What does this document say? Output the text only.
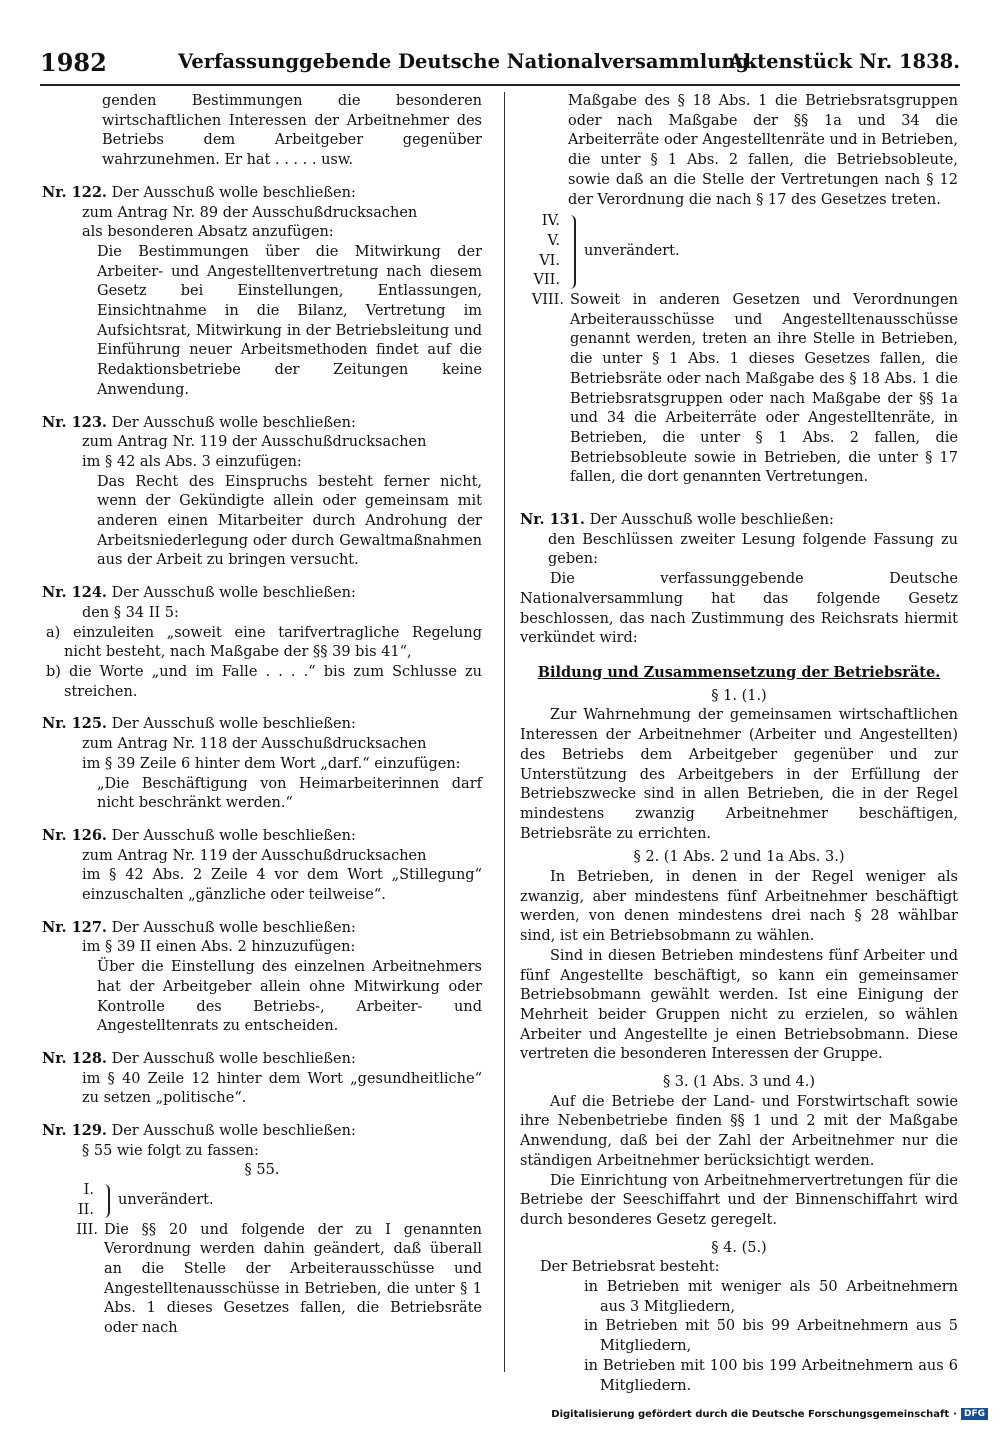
1982	Verfassunggebende Deutsche Nationalversammlung.
Aktenstück Nr. 1838.

genden Bestimmungen die besonderen wirtschaftlichen Interessen der Arbeitnehmer des Betriebs dem Arbeitgeber gegenüber wahrzunehmen. Er hat . . . . . usw.

Nr. 122. Der Ausschuß wolle beschließen:

zum Antrag Nr. 89 der Ausschußdrucksachen

als besonderen Absatz anzufügen:

Die Bestimmungen über die Mitwirkung der Arbeiter- und Angestelltenvertretung nach diesem Gesetz bei Einstellungen, Entlassungen, Einsichtnahme in die Bilanz, Vertretung im Aufsichtsrat, Mitwirkung in der Betriebsleitung und Einführung neuer Arbeitsmethoden findet auf die Redaktionsbetriebe der Zeitungen keine Anwendung.

Nr. 123. Der Ausschuß wolle beschließen:

zum Antrag Nr. 119 der Ausschußdrucksachen

im § 42 als Abs. 3 einzufügen:

Das Recht des Einspruchs besteht ferner nicht, wenn der Gekündigte allein oder gemeinsam mit anderen einen Mitarbeiter durch Androhung der Arbeitsniederlegung oder durch Gewaltmaßnahmen aus der Arbeit zu bringen versucht.

Nr. 124. Der Ausschuß wolle beschließen:

den § 34 II 5:

a) einzuleiten „soweit eine tarifvertragliche Regelung nicht besteht, nach Maßgabe der §§ 39 bis 41“,

b) die Worte „und im Falle . . . .“ bis zum Schlusse zu streichen.

Nr. 125. Der Ausschuß wolle beschließen:

zum Antrag Nr. 118 der Ausschußdrucksachen

im § 39 Zeile 6 hinter dem Wort „darf.“ einzufügen:

„Die Beschäftigung von Heimarbeiterinnen darf nicht beschränkt werden.“

Nr. 126. Der Ausschuß wolle beschließen:

zum Antrag Nr. 119 der Ausschußdrucksachen

im § 42 Abs. 2 Zeile 4 vor dem Wort „Stillegung“ einzuschalten „gänzliche oder teilweise“.

Nr. 127. Der Ausschuß wolle beschließen:

im § 39 II einen Abs. 2 hinzuzufügen:

Über die Einstellung des einzelnen Arbeitnehmers hat der Arbeitgeber allein ohne Mitwirkung oder Kontrolle des Betriebs-, Arbeiter- und Angestelltenrats zu entscheiden.

Nr. 128. Der Ausschuß wolle beschließen:

im § 40 Zeile 12 hinter dem Wort „gesundheitliche“ zu setzen „politische“.

Nr. 129. Der Ausschuß wolle beschließen:

§ 55 wie folgt zu fassen:

§ 55.

I.
II.
unverändert.
III. Die §§ 20 und folgende der zu I genannten Verordnung werden dahin geändert, daß überall an die Stelle der Arbeiterausschüsse und Angestelltenausschüsse in Betrieben, die unter § 1 Abs. 1 dieses Gesetzes fallen, die Betriebsräte oder nach

Maßgabe des § 18 Abs. 1 die Betriebsratsgruppen oder nach Maßgabe der §§ 1a und 34 die Arbeiterräte oder Angestelltenräte und in Betrieben, die unter § 1 Abs. 2 fallen, die Betriebsobleute, sowie daß an die Stelle der Vertretungen nach § 12 der Verordnung die nach § 17 des Gesetzes treten.

IV.
V.
VI.
VII.
unverändert.
VIII. Soweit in anderen Gesetzen und Verordnungen Arbeiterausschüsse und Angestelltenausschüsse genannt werden, treten an ihre Stelle in Betrieben, die unter § 1 Abs. 1 dieses Gesetzes fallen, die Betriebsräte oder nach Maßgabe des § 18 Abs. 1 die Betriebsratsgruppen oder nach Maßgabe der §§ 1a und 34 die Arbeiterräte oder Angestelltenräte, in Betrieben, die unter § 1 Abs. 2 fallen, die Betriebsobleute sowie in Betrieben, die unter § 17 fallen, die dort genannten Vertretungen.

Nr. 131. Der Ausschuß wolle beschließen:

den Beschlüssen zweiter Lesung folgende Fassung zu geben:

Die verfassunggebende Deutsche Nationalversammlung hat das folgende Gesetz beschlossen, das nach Zustimmung des Reichsrats hiermit verkündet wird:

Bildung und Zusammensetzung der Betriebsräte.

§ 1. (1.)

Zur Wahrnehmung der gemeinsamen wirtschaftlichen Interessen der Arbeitnehmer (Arbeiter und Angestellten) des Betriebs dem Arbeitgeber gegenüber und zur Unterstützung des Arbeitgebers in der Erfüllung der Betriebszwecke sind in allen Betrieben, die in der Regel mindestens zwanzig Arbeitnehmer beschäftigen, Betriebsräte zu errichten.

§ 2. (1 Abs. 2 und 1a Abs. 3.)

In Betrieben, in denen in der Regel weniger als zwanzig, aber mindestens fünf Arbeitnehmer beschäftigt werden, von denen mindestens drei nach § 28 wählbar sind, ist ein Betriebsobmann zu wählen.

Sind in diesen Betrieben mindestens fünf Arbeiter und fünf Angestellte beschäftigt, so kann ein gemeinsamer Betriebsobmann gewählt werden. Ist eine Einigung der Mehrheit beider Gruppen nicht zu erzielen, so wählen Arbeiter und Angestellte je einen Betriebsobmann. Diese vertreten die besonderen Interessen der Gruppe.

§ 3. (1 Abs. 3 und 4.)

Auf die Betriebe der Land- und Forstwirtschaft sowie ihre Nebenbetriebe finden §§ 1 und 2 mit der Maßgabe Anwendung, daß bei der Zahl der Arbeitnehmer nur die ständigen Arbeitnehmer berücksichtigt werden.

Die Einrichtung von Arbeitnehmervertretungen für die Betriebe der Seeschiffahrt und der Binnenschiffahrt wird durch besonderes Gesetz geregelt.

§ 4. (5.)

Der Betriebsrat besteht:

in Betrieben mit weniger als 50 Arbeitnehmern aus 3 Mitgliedern,

in Betrieben mit 50 bis 99 Arbeitnehmern aus 5 Mitgliedern,

in Betrieben mit 100 bis 199 Arbeitnehmern aus 6 Mitgliedern.

Digitalisierung gefördert durch die Deutsche Forschungsgemeinschaft · DFG
